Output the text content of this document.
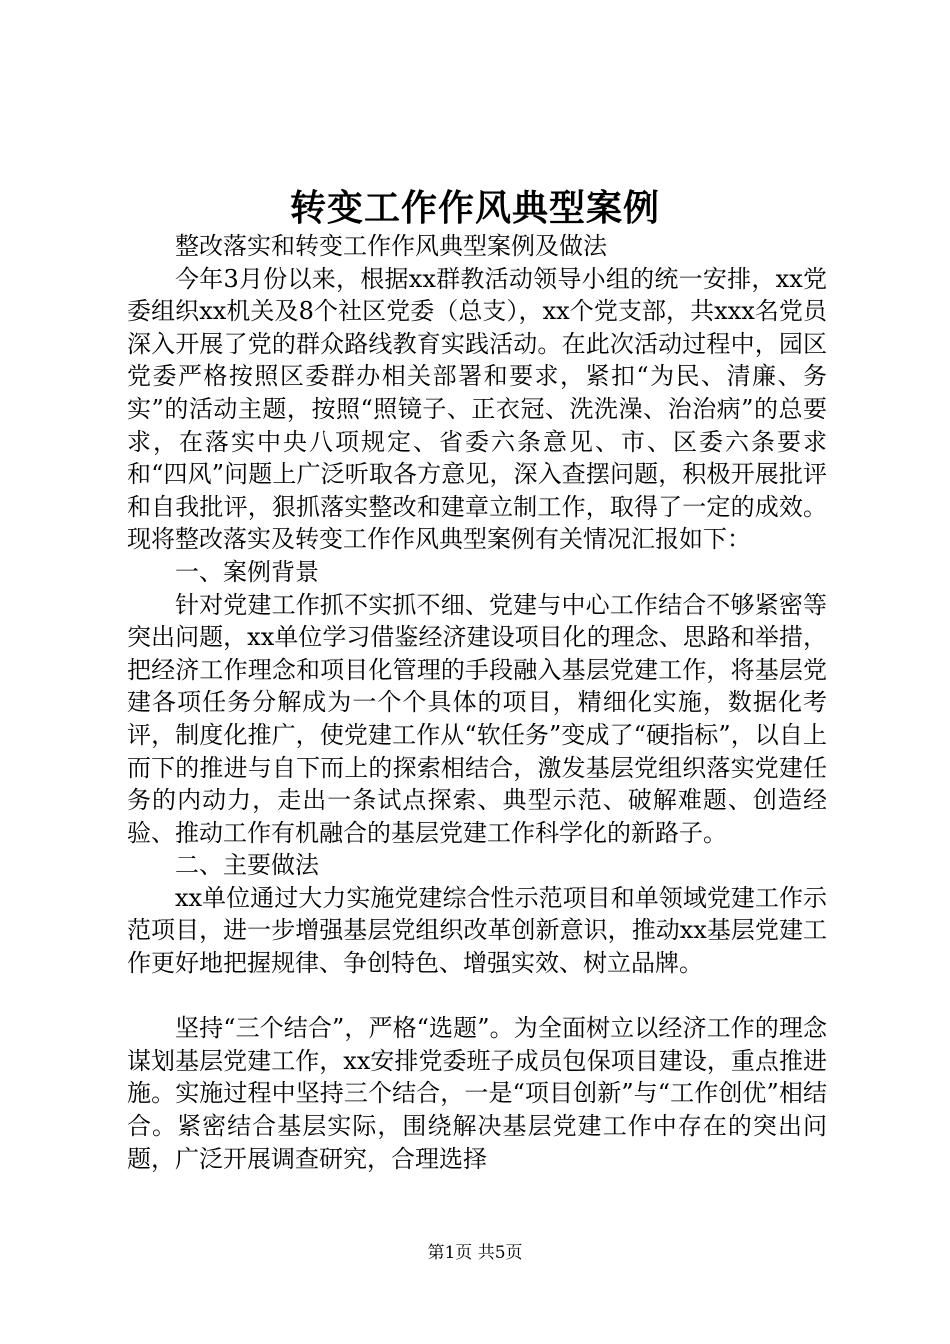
转变工作作风典型案例

整改落实和转变工作作风典型案例及做法

今年3月份以来，根据xx群教活动领导小组的统一安排，xx党委组织xx机关及8个社区党委（总支），xx个党支部，共xxx名党员深入开展了党的群众路线教育实践活动。在此次活动过程中，园区党委严格按照区委群办相关部署和要求，紧扣“为民、清廉、务实”的活动主题，按照“照镜子、正衣冠、洗洗澡、治治病”的总要求，在落实中央八项规定、省委六条意见、市、区委六条要求和“四风”问题上广泛听取各方意见，深入查摆问题，积极开展批评和自我批评，狠抓落实整改和建章立制工作，取得了一定的成效。现将整改落实及转变工作作风典型案例有关情况汇报如下：

一、案例背景

针对党建工作抓不实抓不细、党建与中心工作结合不够紧密等突出问题，xx单位学习借鉴经济建设项目化的理念、思路和举措，把经济工作理念和项目化管理的手段融入基层党建工作，将基层党建各项任务分解成为一个个具体的项目，精细化实施，数据化考评，制度化推广，使党建工作从“软任务”变成了“硬指标”，以自上而下的推进与自下而上的探索相结合，激发基层党组织落实党建任务的内动力，走出一条试点探索、典型示范、破解难题、创造经验、推动工作有机融合的基层党建工作科学化的新路子。

二、主要做法

xx单位通过大力实施党建综合性示范项目和单领域党建工作示范项目，进一步增强基层党组织改革创新意识，推动xx基层党建工作更好地把握规律、争创特色、增强实效、树立品牌。

坚持“三个结合”，严格“选题”。为全面树立以经济工作的理念谋划基层党建工作，xx安排党委班子成员包保项目建设，重点推进施。实施过程中坚持三个结合，一是“项目创新”与“工作创优”相结合。紧密结合基层实际，围绕解决基层党建工作中存在的突出问题，广泛开展调查研究，合理选择

第1页 共5页
